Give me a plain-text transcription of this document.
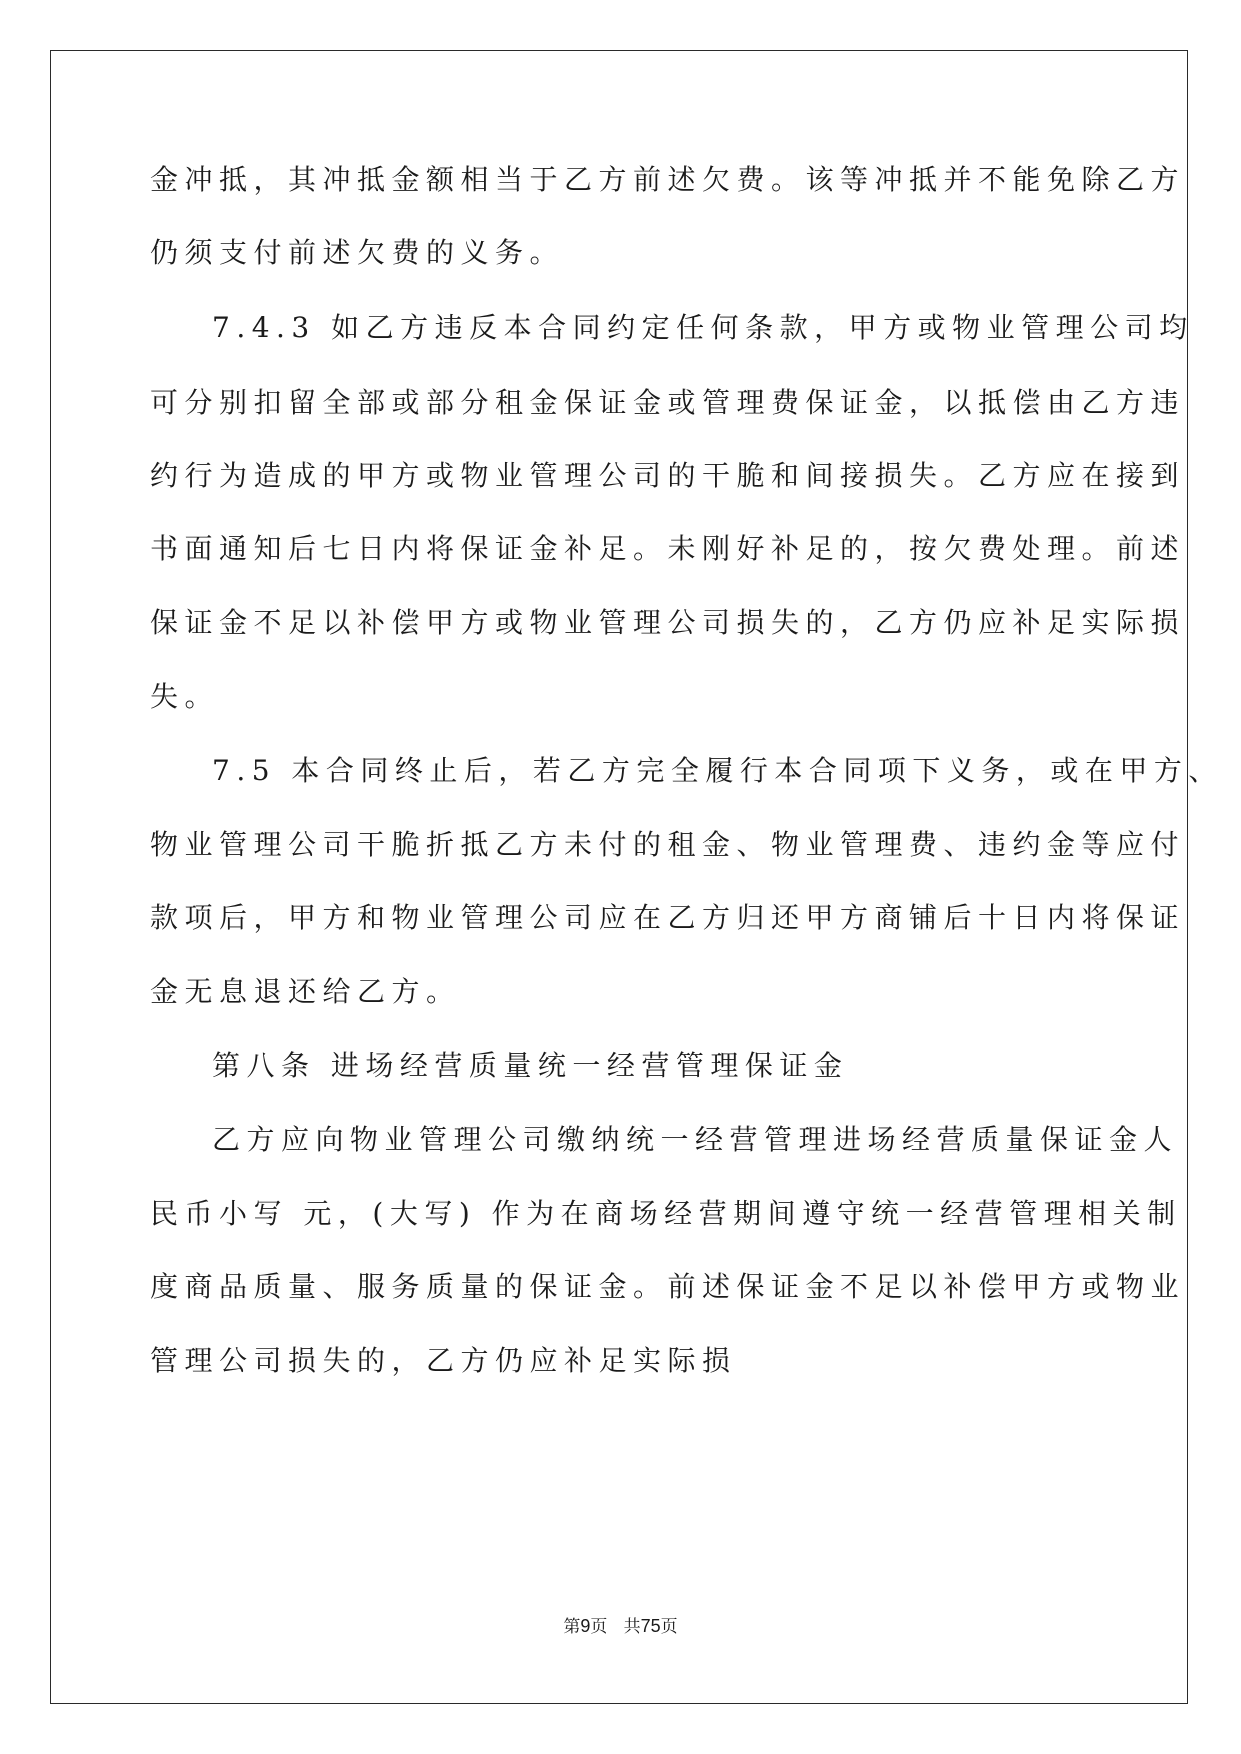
金冲抵，其冲抵金额相当于乙方前述欠费。该等冲抵并不能免除乙方
仍须支付前述欠费的义务。
7.4.3 如乙方违反本合同约定任何条款，甲方或物业管理公司均
可分别扣留全部或部分租金保证金或管理费保证金，以抵偿由乙方违
约行为造成的甲方或物业管理公司的干脆和间接损失。乙方应在接到
书面通知后七日内将保证金补足。未刚好补足的，按欠费处理。前述
保证金不足以补偿甲方或物业管理公司损失的，乙方仍应补足实际损
失。
7.5 本合同终止后，若乙方完全履行本合同项下义务，或在甲方、
物业管理公司干脆折抵乙方未付的租金、物业管理费、违约金等应付
款项后，甲方和物业管理公司应在乙方归还甲方商铺后十日内将保证
金无息退还给乙方。
第八条 进场经营质量统一经营管理保证金
乙方应向物业管理公司缴纳统一经营管理进场经营质量保证金人
民币小写 元，(大写) 作为在商场经营期间遵守统一经营管理相关制
度商品质量、服务质量的保证金。前述保证金不足以补偿甲方或物业
管理公司损失的，乙方仍应补足实际损
第9页 共75页
